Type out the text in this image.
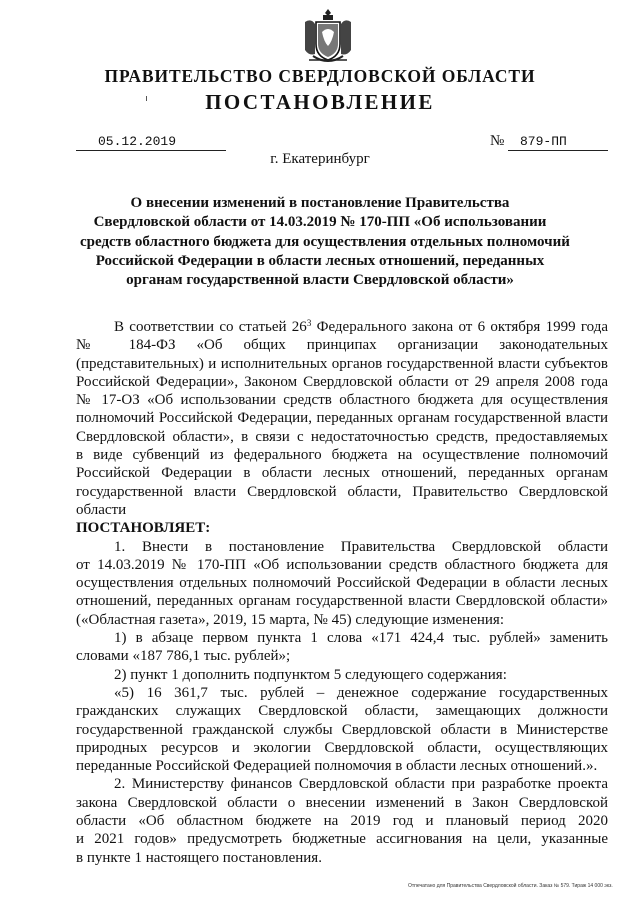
ПРАВИТЕЛЬСТВО СВЕРДЛОВСКОЙ ОБЛАСТИ
ПОСТАНОВЛЕНИЕ
05.12.2019	№ 879-ПП
г. Екатеринбург
О внесении изменений в постановление Правительства
Свердловской области от 14.03.2019 № 170-ПП «Об использовании
средств областного бюджета для осуществления отдельных полномочий
Российской Федерации в области лесных отношений, переданных
органам государственной власти Свердловской области»
В соответствии со статьей $26^3$ Федерального закона от 6 октября 1999 года
№ 184-ФЗ «Об общих принципах организации законодательных
(представительных) и исполнительных органов государственной власти субъектов
Российской Федерации», Законом Свердловской области от 29 апреля 2008 года
№ 17-ОЗ «Об использовании средств областного бюджета для осуществления
полномочий Российской Федерации, переданных органам государственной власти
Свердловской области», в связи с недостаточностью средств, предоставляемых
в виде субвенций из федерального бюджета на осуществление полномочий
Российской Федерации в области лесных отношений, переданных органам
государственной власти Свердловской области, Правительство Свердловской
области
ПОСТАНОВЛЯЕТ:
1. Внести в постановление Правительства Свердловской области
от 14.03.2019 № 170-ПП «Об использовании средств областного бюджета для
осуществления отдельных полномочий Российской Федерации в области лесных
отношений, переданных органам государственной власти Свердловской области»
(«Областная газета», 2019, 15 марта, № 45) следующие изменения:
1) в абзаце первом пункта 1 слова «171 424,4 тыс. рублей» заменить
словами «187 786,1 тыс. рублей»;
2) пункт 1 дополнить подпунктом 5 следующего содержания:
«5) 16 361,7 тыс. рублей – денежное содержание государственных
гражданских служащих Свердловской области, замещающих должности
государственной гражданской службы Свердловской области в Министерстве
природных ресурсов и экологии Свердловской области, осуществляющих
переданные Российской Федерацией полномочия в области лесных отношений.».
2. Министерству финансов Свердловской области при разработке проекта
закона Свердловской области о внесении изменений в Закон Свердловской
области «Об областном бюджете на 2019 год и плановый период 2020
и 2021 годов» предусмотреть бюджетные ассигнования на цели, указанные
в пункте 1 настоящего постановления.
Отпечатано для Правительства Свердловской области. Заказ № 579. Тираж 14 000 экз.
